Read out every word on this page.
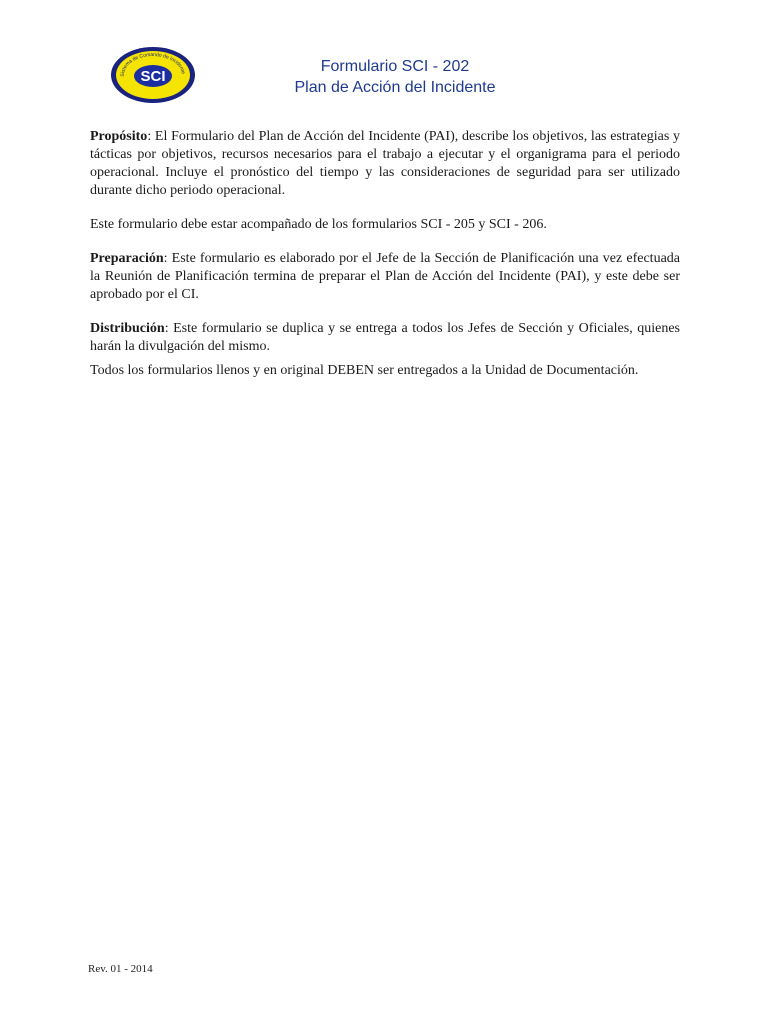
Sistema de Comando de Incidente
SCI
Formulario SCI - 202
Plan de Acción del Incidente

Propósito: El Formulario del Plan de Acción del Incidente (PAI), describe los objetivos, las estrategias y tácticas por objetivos, recursos necesarios para el trabajo a ejecutar y el organigrama para el periodo operacional. Incluye el pronóstico del tiempo y las consideraciones de seguridad para ser utilizado durante dicho periodo operacional.

Este formulario debe estar acompañado de los formularios SCI - 205 y SCI - 206.

Preparación: Este formulario es elaborado por el Jefe de la Sección de Planificación una vez efectuada la Reunión de Planificación termina de preparar el Plan de Acción del Incidente (PAI), y este debe ser aprobado por el CI.

Distribución: Este formulario se duplica y se entrega a todos los Jefes de Sección y Oficiales, quienes harán la divulgación del mismo.

Todos los formularios llenos y en original DEBEN ser entregados a la Unidad de Documentación.

Rev. 01 - 2014
